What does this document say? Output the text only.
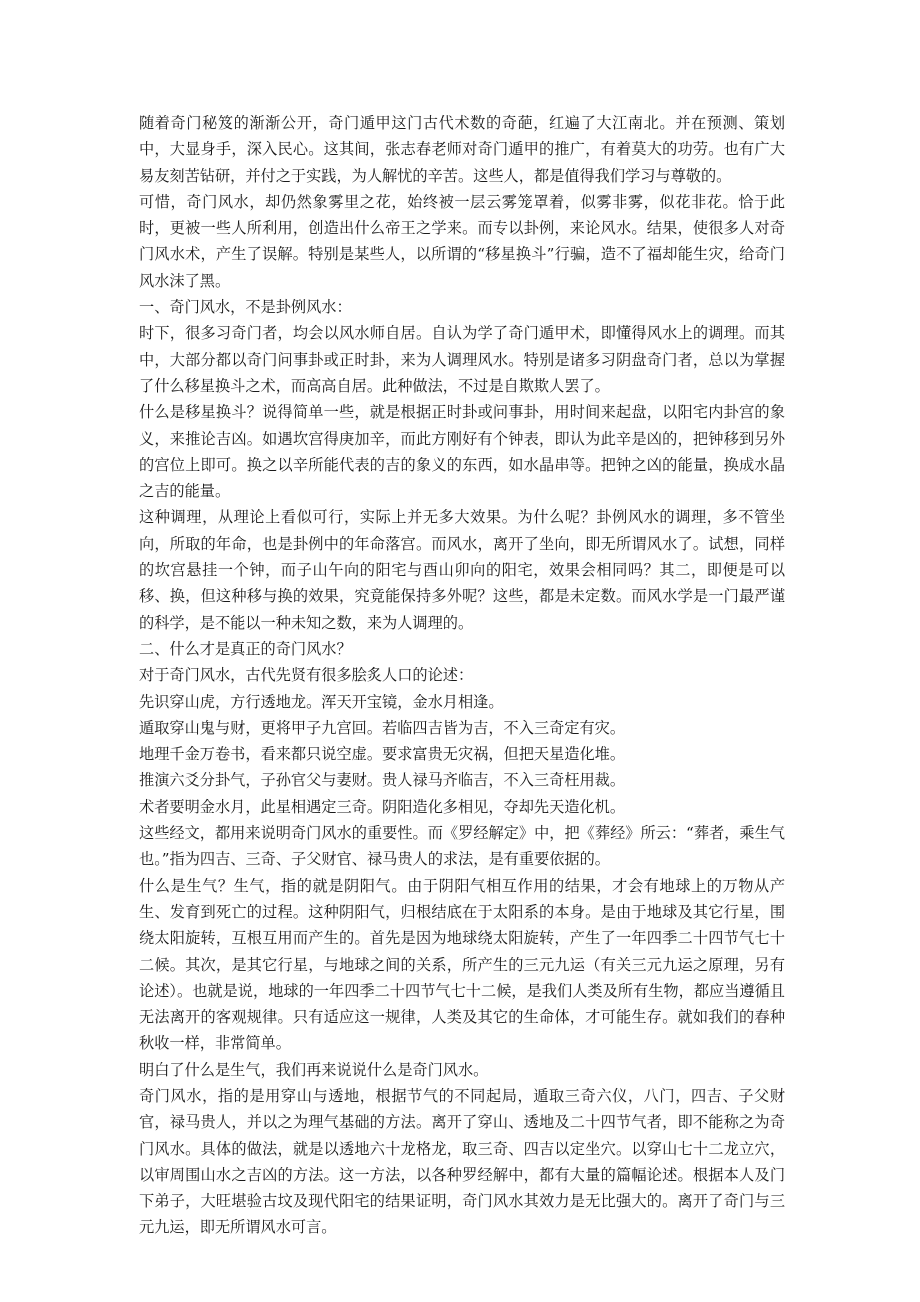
随着奇门秘笈的渐渐公开，奇门遁甲这门古代术数的奇葩，红遍了大江南北。并在预测、策划中，大显身手，深入民心。这其间，张志春老师对奇门遁甲的推广，有着莫大的功劳。也有广大易友刻苦钻研，并付之于实践，为人解忧的辛苦。这些人，都是值得我们学习与尊敬的。

可惜，奇门风水，却仍然象雾里之花，始终被一层云雾笼罩着，似雾非雾，似花非花。恰于此时，更被一些人所利用，创造出什么帝王之学来。而专以卦例，来论风水。结果，使很多人对奇门风水术，产生了误解。特别是某些人，以所谓的“移星换斗”行骗，造不了福却能生灾，给奇门风水沫了黑。

一、奇门风水，不是卦例风水：

时下，很多习奇门者，均会以风水师自居。自认为学了奇门遁甲术，即懂得风水上的调理。而其中，大部分都以奇门问事卦或正时卦，来为人调理风水。特别是诸多习阴盘奇门者，总以为掌握了什么移星换斗之术，而高高自居。此种做法，不过是自欺欺人罢了。

什么是移星换斗？说得简单一些，就是根据正时卦或问事卦，用时间来起盘，以阳宅内卦宫的象义，来推论吉凶。如遇坎宫得庚加辛，而此方刚好有个钟表，即认为此辛是凶的，把钟移到另外的宫位上即可。换之以辛所能代表的吉的象义的东西，如水晶串等。把钟之凶的能量，换成水晶之吉的能量。

这种调理，从理论上看似可行，实际上并无多大效果。为什么呢？卦例风水的调理，多不管坐向，所取的年命，也是卦例中的年命落宫。而风水，离开了坐向，即无所谓风水了。试想，同样的坎宫悬挂一个钟，而子山午向的阳宅与酉山卯向的阳宅，效果会相同吗？其二，即便是可以移、换，但这种移与换的效果，究竟能保持多外呢？这些，都是未定数。而风水学是一门最严谨的科学，是不能以一种未知之数，来为人调理的。

二、什么才是真正的奇门风水？

对于奇门风水，古代先贤有很多脍炙人口的论述：

先识穿山虎，方行透地龙。浑天开宝镜，金水月相逢。

遁取穿山鬼与财，更将甲子九宫回。若临四吉皆为吉，不入三奇定有灾。

地理千金万卷书，看来都只说空虚。要求富贵无灾祸，但把天星造化堆。

推演六爻分卦气，子孙官父与妻财。贵人禄马齐临吉，不入三奇枉用裁。

术者要明金水月，此星相遇定三奇。阴阳造化多相见，夺却先天造化机。

这些经文，都用来说明奇门风水的重要性。而《罗经解定》中，把《葬经》所云：“葬者，乘生气也。”指为四吉、三奇、子父财官、禄马贵人的求法，是有重要依据的。

什么是生气？生气，指的就是阴阳气。由于阴阳气相互作用的结果，才会有地球上的万物从产生、发育到死亡的过程。这种阴阳气，归根结底在于太阳系的本身。是由于地球及其它行星，围绕太阳旋转，互根互用而产生的。首先是因为地球绕太阳旋转，产生了一年四季二十四节气七十二候。其次，是其它行星，与地球之间的关系，所产生的三元九运（有关三元九运之原理，另有论述）。也就是说，地球的一年四季二十四节气七十二候，是我们人类及所有生物，都应当遵循且无法离开的客观规律。只有适应这一规律，人类及其它的生命体，才可能生存。就如我们的春种秋收一样，非常简单。

明白了什么是生气，我们再来说说什么是奇门风水。

奇门风水，指的是用穿山与透地，根据节气的不同起局，遁取三奇六仪，八门，四吉、子父财官，禄马贵人，并以之为理气基础的方法。离开了穿山、透地及二十四节气者，即不能称之为奇门风水。具体的做法，就是以透地六十龙格龙，取三奇、四吉以定坐穴。以穿山七十二龙立穴，以审周围山水之吉凶的方法。这一方法，以各种罗经解中，都有大量的篇幅论述。根据本人及门下弟子，大旺堪验古坟及现代阳宅的结果证明，奇门风水其效力是无比强大的。离开了奇门与三元九运，即无所谓风水可言。
